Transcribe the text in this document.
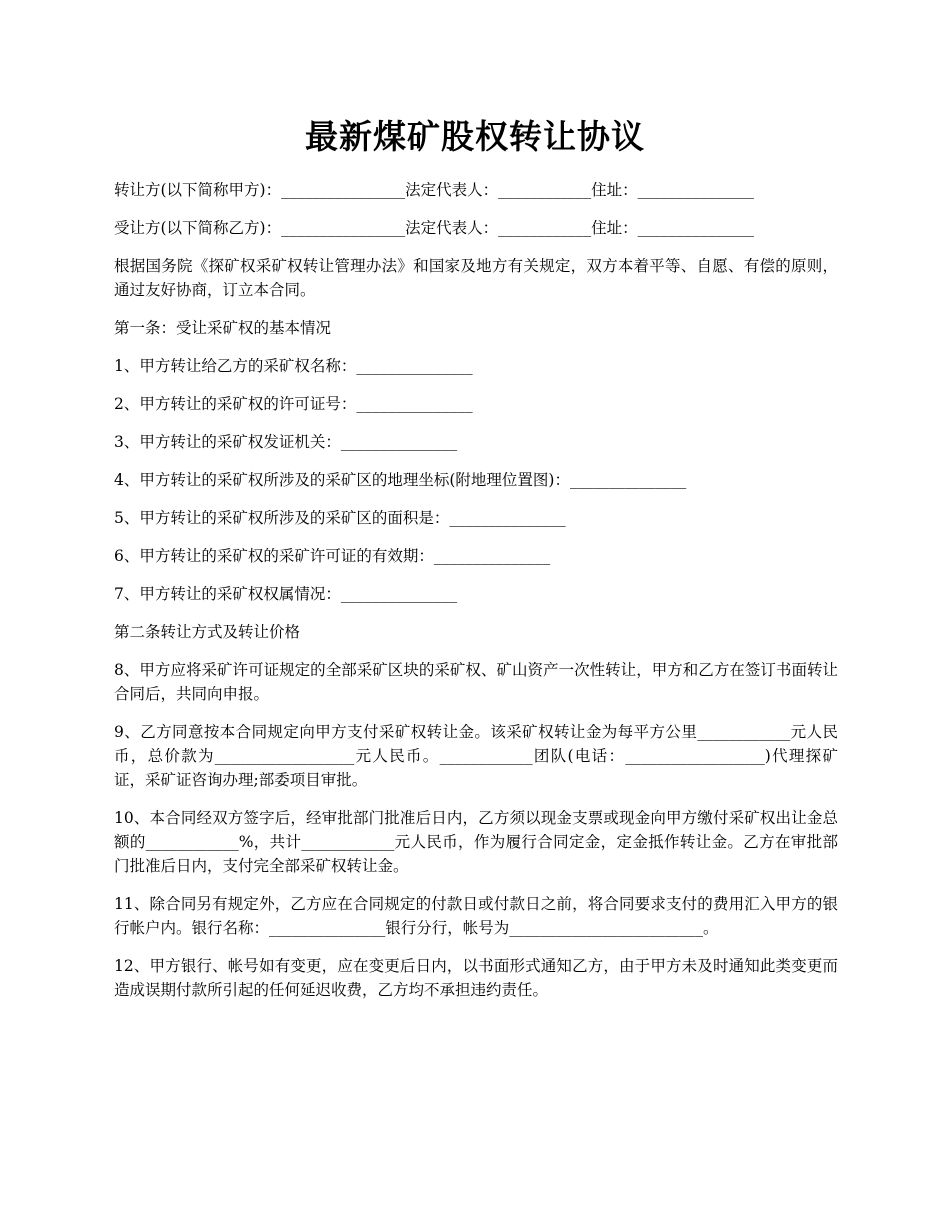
最新煤矿股权转让协议

转让方(以下简称甲方)：________________法定代表人：____________住址：_______________

受让方(以下简称乙方)：________________法定代表人：____________住址：_______________

根据国务院《探矿权采矿权转让管理办法》和国家及地方有关规定，双方本着平等、自愿、有偿的原则，通过友好协商，订立本合同。

第一条：受让采矿权的基本情况

1、甲方转让给乙方的采矿权名称：_______________

2、甲方转让的采矿权的许可证号：_______________

3、甲方转让的采矿权发证机关：_______________

4、甲方转让的采矿权所涉及的采矿区的地理坐标(附地理位置图)：_______________

5、甲方转让的采矿权所涉及的采矿区的面积是：_______________

6、甲方转让的采矿权的采矿许可证的有效期：_______________

7、甲方转让的采矿权权属情况：_______________

第二条转让方式及转让价格

8、甲方应将采矿许可证规定的全部采矿区块的采矿权、矿山资产一次性转让，甲方和乙方在签订书面转让合同后，共同向申报。

9、乙方同意按本合同规定向甲方支付采矿权转让金。该采矿权转让金为每平方公里____________元人民币，总价款为__________________元人民币。____________团队(电话：__________________)代理探矿证，采矿证咨询办理;部委项目审批。

10、本合同经双方签字后，经审批部门批准后日内，乙方须以现金支票或现金向甲方缴付采矿权出让金总额的____________%，共计____________元人民币，作为履行合同定金，定金抵作转让金。乙方在审批部门批准后日内，支付完全部采矿权转让金。

11、除合同另有规定外，乙方应在合同规定的付款日或付款日之前，将合同要求支付的费用汇入甲方的银行帐户内。银行名称：_______________银行分行，帐号为_________________________。

12、甲方银行、帐号如有变更，应在变更后日内，以书面形式通知乙方，由于甲方未及时通知此类变更而造成误期付款所引起的任何延迟收费，乙方均不承担违约责任。
